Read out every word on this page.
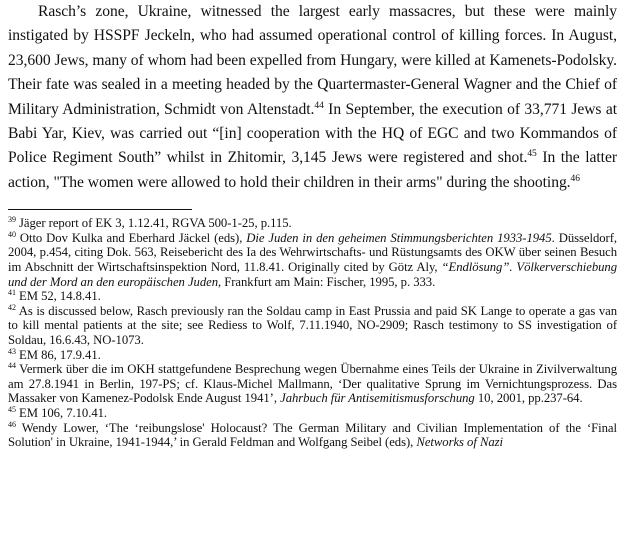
Rasch’s zone, Ukraine, witnessed the largest early massacres, but these were mainly instigated by HSSPF Jeckeln, who had assumed operational control of killing forces. In August, 23,600 Jews, many of whom had been expelled from Hungary, were killed at Kamenets-Podolsky. Their fate was sealed in a meeting headed by the Quartermaster-General Wagner and the Chief of Military Administration, Schmidt von Altenstadt.$^{44}$ In September, the execution of 33,771 Jews at Babi Yar, Kiev, was carried out “[in] cooperation with the HQ of EGC and two Kommandos of Police Regiment South” whilst in Zhitomir, 3,145 Jews were registered and shot.$^{45}$ In the latter action, "The women were allowed to hold their children in their arms" during the shooting.$^{46}$

$^{39}$ Jäger report of EK 3, 1.12.41, RGVA 500-1-25, p.115.
$^{40}$ Otto Dov Kulka and Eberhard Jäckel (eds), Die Juden in den geheimen Stimmungsberichten 1933-1945. Düsseldorf, 2004, p.454, citing Dok. 563, Reisebericht des Ia des Wehrwirtschafts- und Rüstungsamts des OKW über seinen Besuch im Abschnitt der Wirtschaftsinspektion Nord, 11.8.41. Originally cited by Götz Aly, “Endlösung”. Völkerverschiebung und der Mord an den europäischen Juden, Frankfurt am Main: Fischer, 1995, p. 333.
$^{41}$ EM 52, 14.8.41.
$^{42}$ As is discussed below, Rasch previously ran the Soldau camp in East Prussia and paid SK Lange to operate a gas van to kill mental patients at the site; see Rediess to Wolf, 7.11.1940, NO-2909; Rasch testimony to SS investigation of Soldau, 16.6.43, NO-1073.
$^{43}$ EM 86, 17.9.41.
$^{44}$ Vermerk über die im OKH stattgefundene Besprechung wegen Übernahme eines Teils der Ukraine in Zivilverwaltung am 27.8.1941 in Berlin, 197-PS; cf. Klaus-Michel Mallmann, ‘Der qualitative Sprung im Vernichtungsprozess. Das Massaker von Kamenez-Podolsk Ende August 1941’, Jahrbuch für Antisemitismusforschung 10, 2001, pp.237-64.
$^{45}$ EM 106, 7.10.41.
$^{46}$ Wendy Lower, ‘The ‘reibungslose' Holocaust? The German Military and Civilian Implementation of the ‘Final Solution' in Ukraine, 1941-1944,’ in Gerald Feldman and Wolfgang Seibel (eds), Networks of Nazi
